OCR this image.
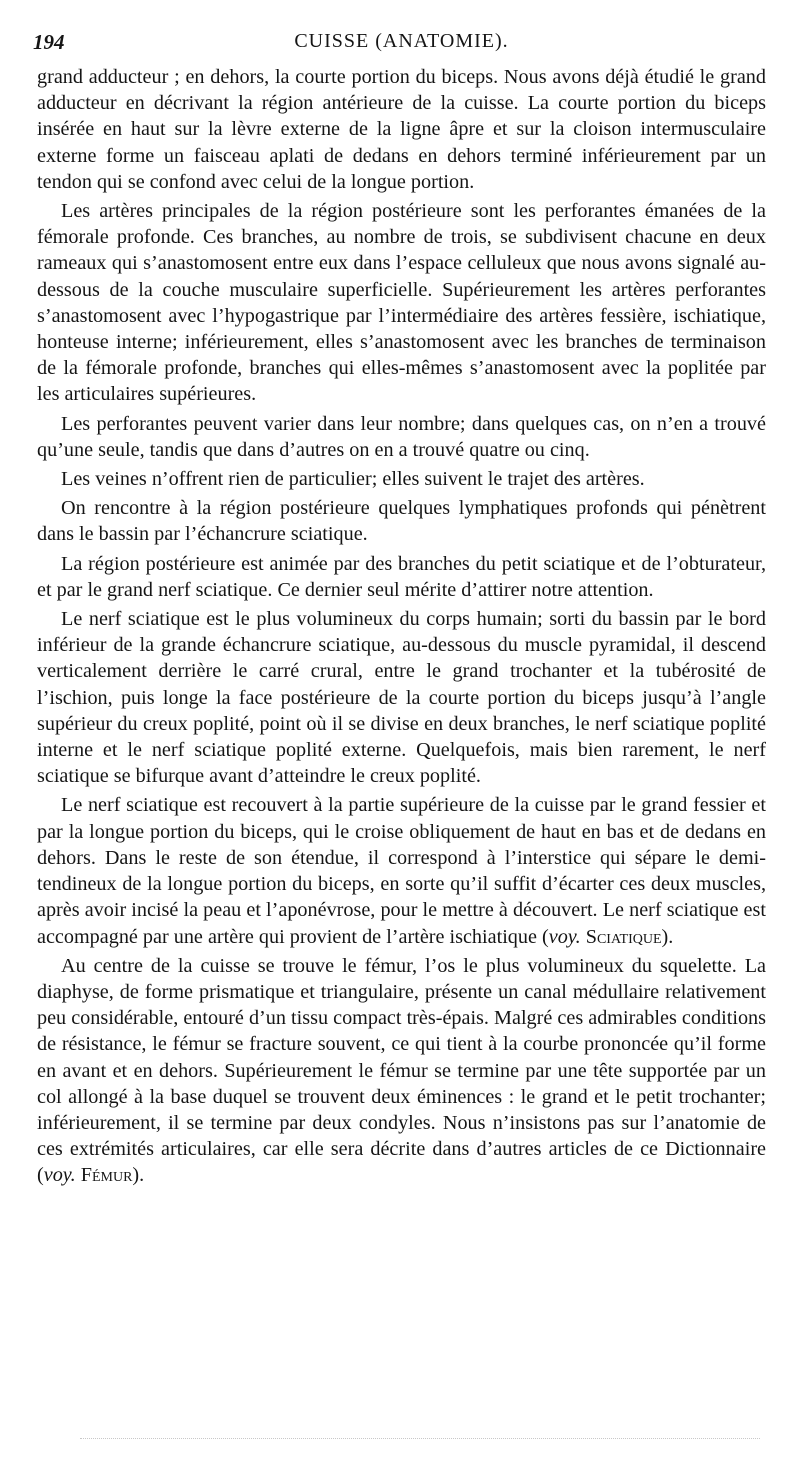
194	CUISSE (ANATOMIE).

grand adducteur ; en dehors, la courte portion du biceps. Nous avons déjà étudié le grand adducteur en décrivant la région antérieure de la cuisse. La courte portion du biceps insérée en haut sur la lèvre externe de la ligne âpre et sur la cloison intermusculaire externe forme un faisceau aplati de dedans en dehors terminé inférieurement par un tendon qui se confond avec celui de la longue portion.

Les artères principales de la région postérieure sont les perforantes émanées de la fémorale profonde. Ces branches, au nombre de trois, se subdivisent chacune en deux rameaux qui s’anastomosent entre eux dans l’espace celluleux que nous avons signalé au-dessous de la couche musculaire superficielle. Supérieurement les artères perforantes s’anastomosent avec l’hypogastrique par l’intermédiaire des artères fessière, ischiatique, honteuse interne; inférieurement, elles s’anastomosent avec les branches de terminaison de la fémorale profonde, branches qui elles-mêmes s’anastomosent avec la poplitée par les articulaires supérieures.

Les perforantes peuvent varier dans leur nombre; dans quelques cas, on n’en a trouvé qu’une seule, tandis que dans d’autres on en a trouvé quatre ou cinq.

Les veines n’offrent rien de particulier; elles suivent le trajet des artères.

On rencontre à la région postérieure quelques lymphatiques profonds qui pénètrent dans le bassin par l’échancrure sciatique.

La région postérieure est animée par des branches du petit sciatique et de l’obturateur, et par le grand nerf sciatique. Ce dernier seul mérite d’attirer notre attention.

Le nerf sciatique est le plus volumineux du corps humain; sorti du bassin par le bord inférieur de la grande échancrure sciatique, au-dessous du muscle pyramidal, il descend verticalement derrière le carré crural, entre le grand trochanter et la tubérosité de l’ischion, puis longe la face postérieure de la courte portion du biceps jusqu’à l’angle supérieur du creux poplité, point où il se divise en deux branches, le nerf sciatique poplité interne et le nerf sciatique poplité externe. Quelquefois, mais bien rarement, le nerf sciatique se bifurque avant d’atteindre le creux poplité.

Le nerf sciatique est recouvert à la partie supérieure de la cuisse par le grand fessier et par la longue portion du biceps, qui le croise obliquement de haut en bas et de dedans en dehors. Dans le reste de son étendue, il correspond à l’interstice qui sépare le demi-tendineux de la longue portion du biceps, en sorte qu’il suffit d’écarter ces deux muscles, après avoir incisé la peau et l’aponévrose, pour le mettre à découvert. Le nerf sciatique est accompagné par une artère qui provient de l’artère ischiatique (voy. Sciatique).

Au centre de la cuisse se trouve le fémur, l’os le plus volumineux du squelette. La diaphyse, de forme prismatique et triangulaire, présente un canal médullaire relativement peu considérable, entouré d’un tissu compact très-épais. Malgré ces admirables conditions de résistance, le fémur se fracture souvent, ce qui tient à la courbe prononcée qu’il forme en avant et en dehors. Supérieurement le fémur se termine par une tête supportée par un col allongé à la base duquel se trouvent deux éminences : le grand et le petit trochanter; inférieurement, il se termine par deux condyles. Nous n’insistons pas sur l’anatomie de ces extrémités articulaires, car elle sera décrite dans d’autres articles de ce Dictionnaire (voy. Fémur).
